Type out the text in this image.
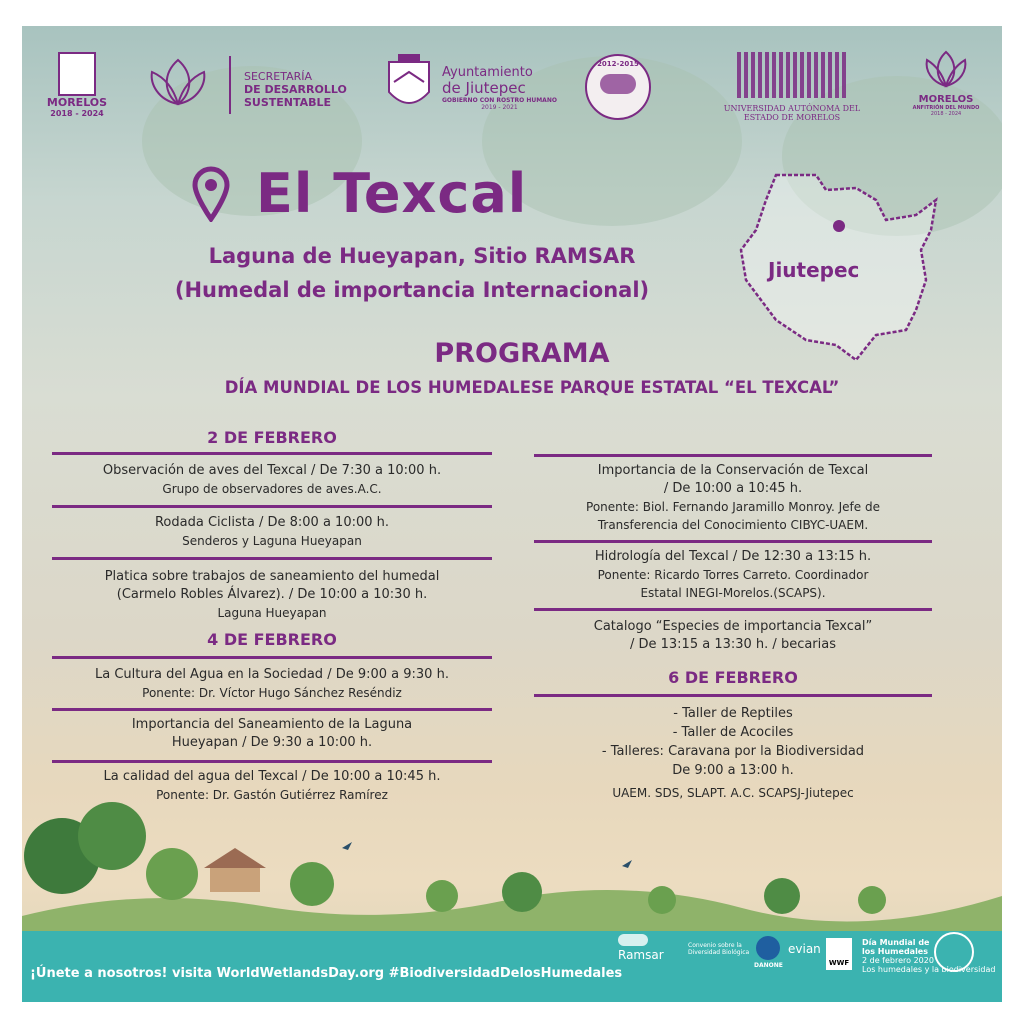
MORELOS
2018 - 2024
SECRETARÍA
DE DESARROLLO
SUSTENTABLE
Ayuntamiento
de Jiutepec
GOBIERNO CON ROSTRO HUMANO
2019 - 2021
2012-2015
UNIVERSIDAD AUTÓNOMA DEL
ESTADO DE MORELOS
MORELOS
ANFITRIÓN DEL MUNDO
2018 - 2024
El Texcal
Laguna de Hueyapan, Sitio RAMSAR
(Humedal de importancia Internacional)
Jiutepec
PROGRAMA
DÍA MUNDIAL DE LOS HUMEDALESE PARQUE ESTATAL “EL TEXCAL”
2 DE FEBRERO
Observación de aves del Texcal / De 7:30 a 10:00 h.
Grupo de observadores de aves.A.C.
Rodada Ciclista / De 8:00 a 10:00 h.
Senderos y Laguna Hueyapan
Platica sobre trabajos de saneamiento del humedal
(Carmelo Robles Álvarez). / De 10:00 a 10:30 h.
Laguna Hueyapan
4 DE FEBRERO
La Cultura del Agua en la Sociedad / De 9:00 a 9:30 h.
Ponente: Dr. Víctor Hugo Sánchez Reséndiz
Importancia del Saneamiento de la Laguna
Hueyapan / De 9:30 a 10:00 h.
La calidad del agua del Texcal / De 10:00 a 10:45 h.
Ponente: Dr. Gastón Gutiérrez Ramírez
Importancia de la Conservación de Texcal
/ De 10:00 a 10:45 h.
Ponente: Biol. Fernando Jaramillo Monroy. Jefe de
Transferencia del Conocimiento CIBYC-UAEM.
Hidrología del Texcal / De 12:30 a 13:15 h.
Ponente: Ricardo Torres Carreto. Coordinador
Estatal INEGI-Morelos.(SCAPS).
Catalogo “Especies de importancia Texcal”
/ De 13:15 a 13:30 h. / becarias
6 DE FEBRERO
- Taller de Reptiles
- Taller de Acociles
- Talleres: Caravana por la Biodiversidad
De 9:00 a 13:00 h.
UAEM. SDS, SLAPT. A.C. SCAPSJ-Jiutepec
¡Únete a nosotros! visita WorldWetlandsDay.org #BiodiversidadDelosHumedales
Ramsar
Convenio sobre la Diversidad Biológica
DANONE
evian
WWF
Día Mundial de
los Humedales
2 de febrero 2020
Los humedales y la biodiversidad
